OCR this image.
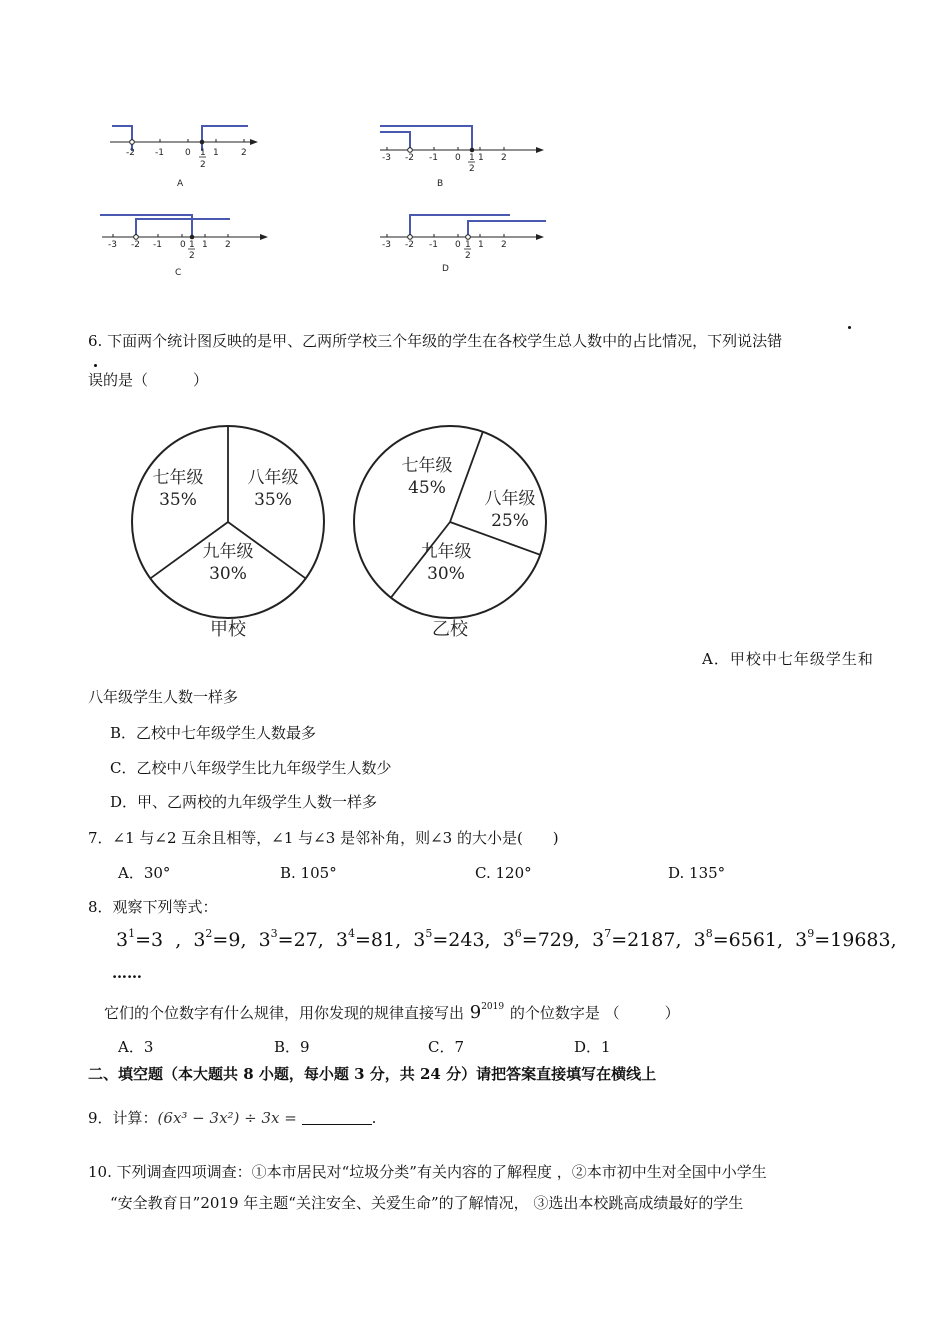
-2 -1 0 1 2
1
2
A
-3 -2 -1 0 1 2
1
2
B
-3 -2 -1 0 1 2
1
2
C
-3 -2 -1 0 1 2
1
2
D
6. 下面两个统计图反映的是甲、乙两所学校三个年级的学生在各校学生总人数中的占比情况，下列说法错
误的是（　　　）
七年级
35%
八年级
35%
九年级
30%
甲校
七年级
45%
八年级
25%
九年级
30%
乙校
A．甲校中七年级学生和
八年级学生人数一样多
B．乙校中七年级学生人数最多
C．乙校中八年级学生比九年级学生人数少
D．甲、乙两校的九年级学生人数一样多
7．∠1 与∠2 互余且相等，∠1 与∠3 是邻补角，则∠3 的大小是(　　)
A．30°	B. 105°	C. 120°	D. 135°
8．观察下列等式：
$3^1=3$  ,  $3^2=9$,  $3^3=27$,  $3^4=81$,  $3^5=243$,  $3^6=729$,  $3^7=2187$,  $3^8=6561$,  $3^9=19683$,
……
它们的个位数字有什么规律，用你发现的规律直接写出 $9^{2019}$ 的个位数字是 （　　　）
A．3	B．9	C．7	D．1
二、填空题（本大题共 8 小题，每小题 3 分，共 24 分）请把答案直接填写在横线上
9．计算：(6x³ − 3x²) ÷ 3x =	.
10. 下列调查四项调查：①本市居民对“垃圾分类”有关内容的了解程度 ，②本市初中生对全国中小学生
“安全教育日”2019 年主题“关注安全、关爱生命”的了解情况， ③选出本校跳高成绩最好的学生
